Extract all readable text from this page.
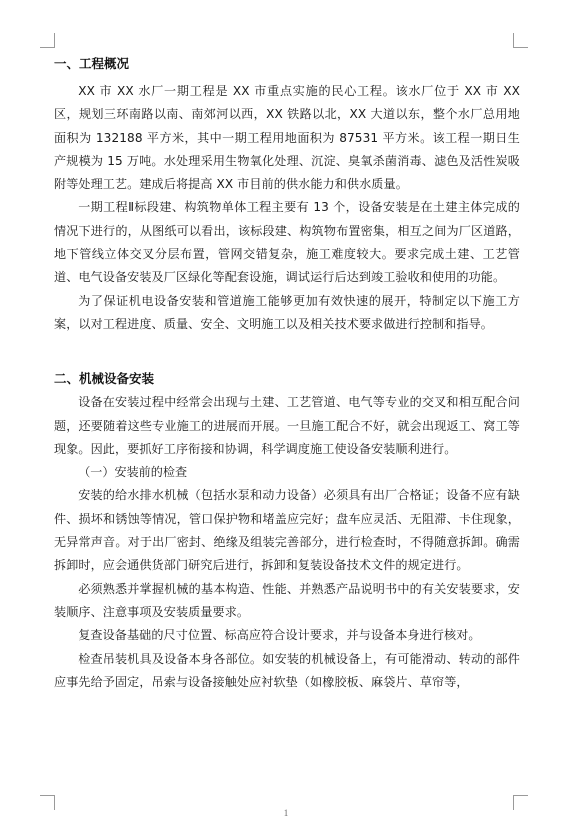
一、工程概况

XX 市 XX 水厂一期工程是 XX 市重点实施的民心工程。该水厂位于 XX 市 XX 区，规划三环南路以南、南郊河以西，XX 铁路以北，XX 大道以东，整个水厂总用地面积为 132188 平方米，其中一期工程用地面积为 87531 平方米。该工程一期日生产规模为 15 万吨。水处理采用生物氧化处理、沉淀、臭氧杀菌消毒、滤色及活性炭吸附等处理工艺。建成后将提高 XX 市目前的供水能力和供水质量。

一期工程Ⅱ标段建、构筑物单体工程主要有 13 个，设备安装是在土建主体完成的情况下进行的，从图纸可以看出，该标段建、构筑物布置密集，相互之间为厂区道路，地下管线立体交叉分层布置，管网交错复杂，施工难度较大。要求完成土建、工艺管道、电气设备安装及厂区绿化等配套设施，调试运行后达到竣工验收和使用的功能。

为了保证机电设备安装和管道施工能够更加有效快速的展开，特制定以下施工方案，以对工程进度、质量、安全、文明施工以及相关技术要求做进行控制和指导。

二、机械设备安装

设备在安装过程中经常会出现与土建、工艺管道、电气等专业的交叉和相互配合问题，还要随着这些专业施工的进展而开展。一旦施工配合不好，就会出现返工、窝工等现象。因此，要抓好工序衔接和协调，科学调度施工使设备安装顺利进行。

（一）安装前的检查

安装的给水排水机械（包括水泵和动力设备）必须具有出厂合格证；设备不应有缺件、损坏和锈蚀等情况，管口保护物和堵盖应完好；盘车应灵活、无阻滞、卡住现象，无异常声音。对于出厂密封、绝缘及组装完善部分，进行检查时，不得随意拆卸。确需拆卸时，应会通供货部门研究后进行，拆卸和复装设备技术文件的规定进行。

必须熟悉并掌握机械的基本构造、性能、并熟悉产品说明书中的有关安装要求，安装顺序、注意事项及安装质量要求。

复查设备基础的尺寸位置、标高应符合设计要求，并与设备本身进行核对。

检查吊装机具及设备本身各部位。如安装的机械设备上，有可能滑动、转动的部件应事先给予固定，吊索与设备接触处应衬软垫（如橡胶板、麻袋片、草帘等，

1
